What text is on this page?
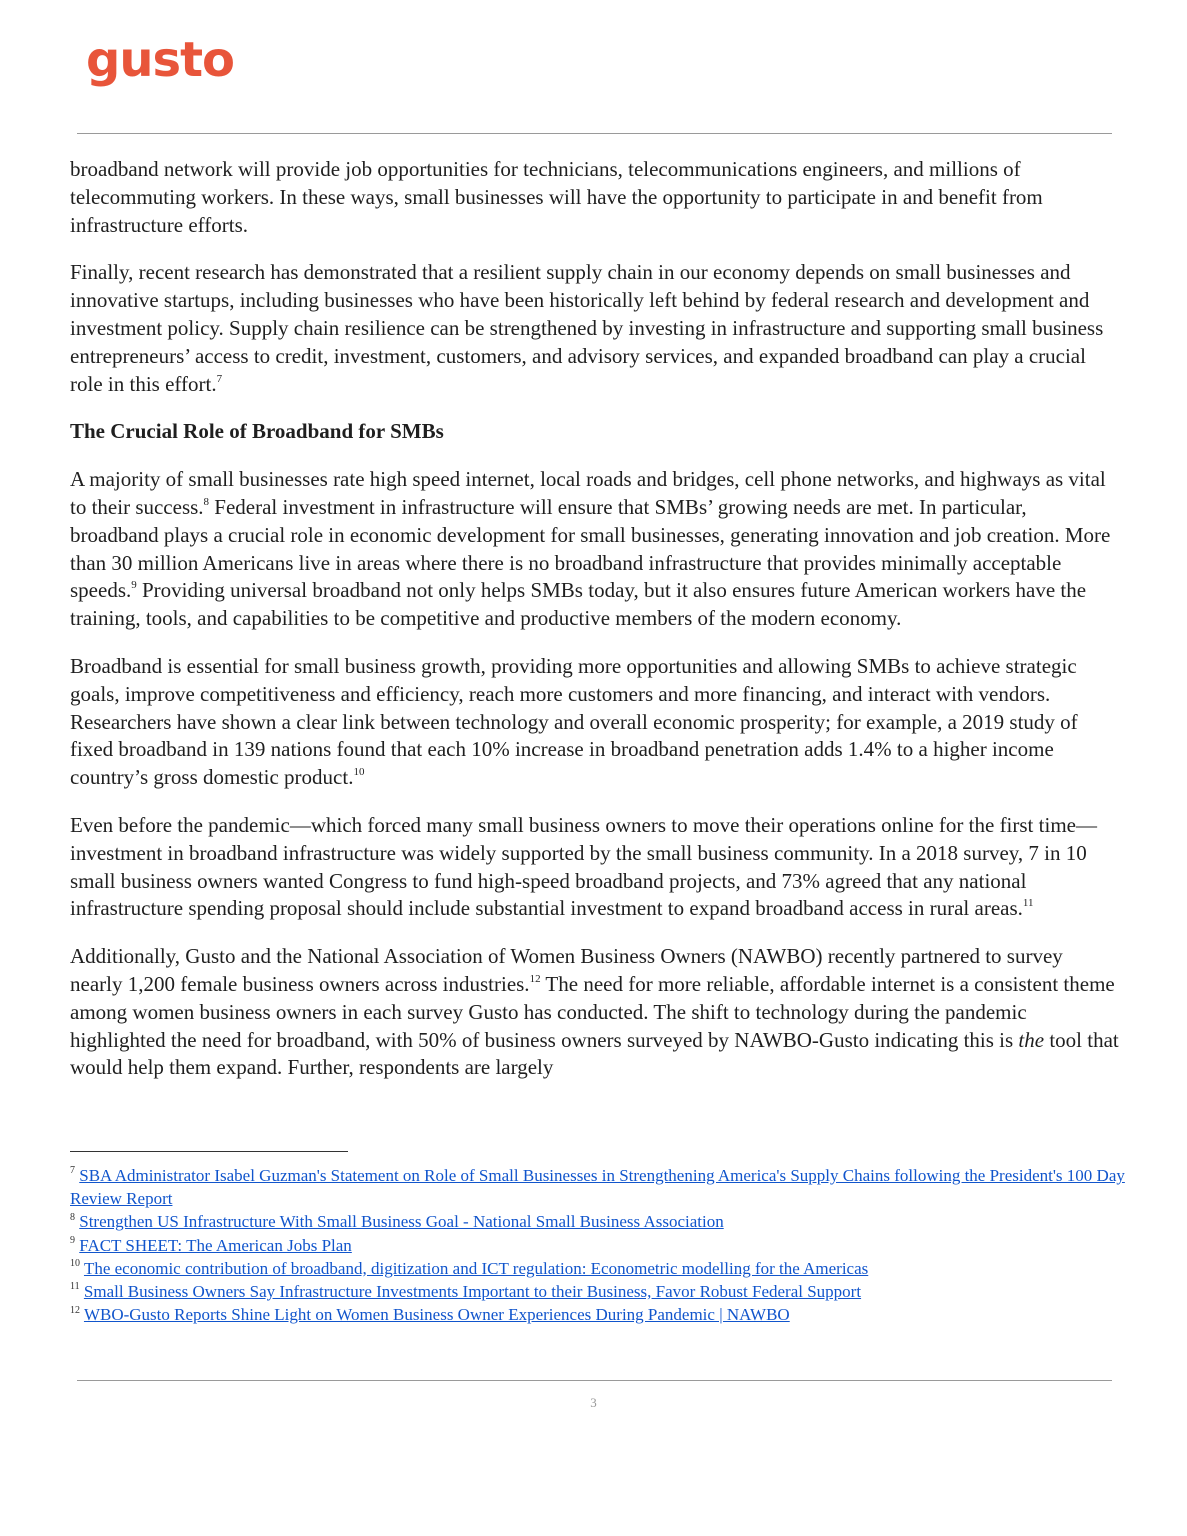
gusto

broadband network will provide job opportunities for technicians, telecommunications engineers, and millions of telecommuting workers. In these ways, small businesses will have the opportunity to participate in and benefit from infrastructure efforts.

Finally, recent research has demonstrated that a resilient supply chain in our economy depends on small businesses and innovative startups, including businesses who have been historically left behind by federal research and development and investment policy. Supply chain resilience can be strengthened by investing in infrastructure and supporting small business entrepreneurs’ access to credit, investment, customers, and advisory services, and expanded broadband can play a crucial role in this effort.$^7$

The Crucial Role of Broadband for SMBs

A majority of small businesses rate high speed internet, local roads and bridges, cell phone networks, and highways as vital to their success.$^8$ Federal investment in infrastructure will ensure that SMBs’ growing needs are met. In particular, broadband plays a crucial role in economic development for small businesses, generating innovation and job creation. More than 30 million Americans live in areas where there is no broadband infrastructure that provides minimally acceptable speeds.$^9$ Providing universal broadband not only helps SMBs today, but it also ensures future American workers have the training, tools, and capabilities to be competitive and productive members of the modern economy.

Broadband is essential for small business growth, providing more opportunities and allowing SMBs to achieve strategic goals, improve competitiveness and efficiency, reach more customers and more financing, and interact with vendors. Researchers have shown a clear link between technology and overall economic prosperity; for example, a 2019 study of fixed broadband in 139 nations found that each 10% increase in broadband penetration adds 1.4% to a higher income country’s gross domestic product.$^{10}$

Even before the pandemic—which forced many small business owners to move their operations online for the first time—investment in broadband infrastructure was widely supported by the small business community. In a 2018 survey, 7 in 10 small business owners wanted Congress to fund high-speed broadband projects, and 73% agreed that any national infrastructure spending proposal should include substantial investment to expand broadband access in rural areas.$^{11}$

Additionally, Gusto and the National Association of Women Business Owners (NAWBO) recently partnered to survey nearly 1,200 female business owners across industries.$^{12}$ The need for more reliable, affordable internet is a consistent theme among women business owners in each survey Gusto has conducted. The shift to technology during the pandemic highlighted the need for broadband, with 50% of business owners surveyed by NAWBO-Gusto indicating this is the tool that would help them expand. Further, respondents are largely

$^7$ SBA Administrator Isabel Guzman's Statement on Role of Small Businesses in Strengthening America's Supply Chains following the President's 100 Day Review Report

$^8$ Strengthen US Infrastructure With Small Business Goal - National Small Business Association

$^9$ FACT SHEET: The American Jobs Plan

$^{10}$ The economic contribution of broadband, digitization and ICT regulation: Econometric modelling for the Americas

$^{11}$ Small Business Owners Say Infrastructure Investments Important to their Business, Favor Robust Federal Support

$^{12}$ WBO-Gusto Reports Shine Light on Women Business Owner Experiences During Pandemic | NAWBO

3
